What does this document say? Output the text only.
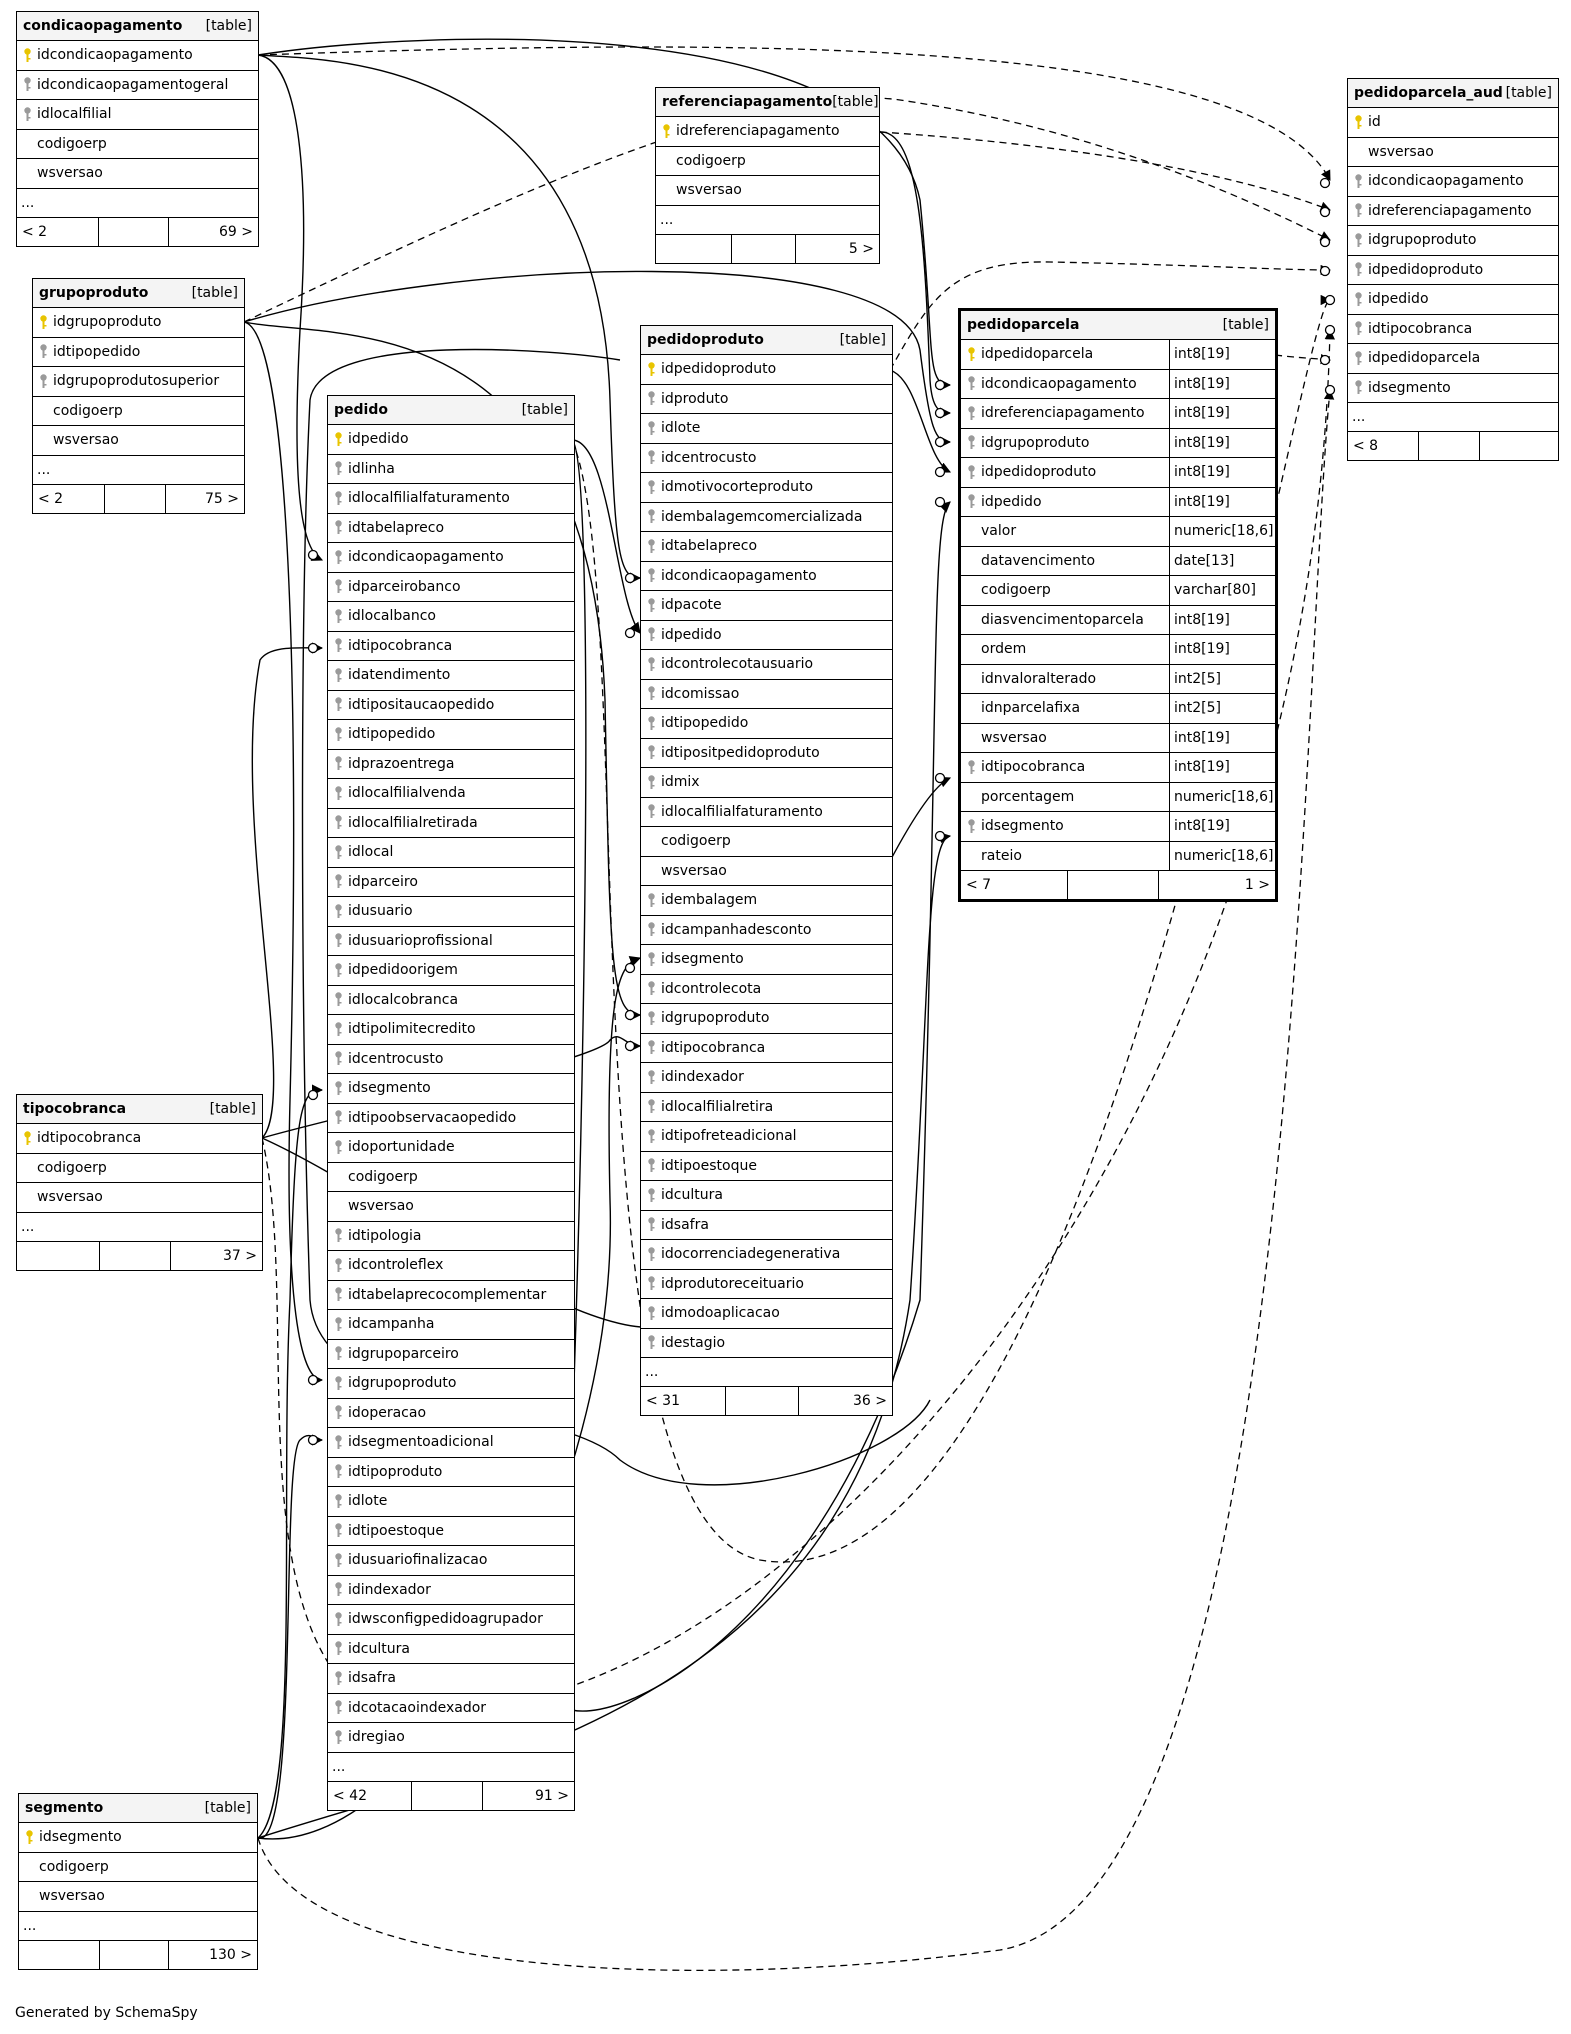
condicaopagamento [table]
idcondicaopagamento
idcondicaopagamentogeral
idlocalfilial
codigoerp
wsversao
...
< 2	69 >
referenciapagamento [table]
idreferenciapagamento
codigoerp
wsversao
...
5 >
pedidoparcela_aud [table]
id
wsversao
idcondicaopagamento
idreferenciapagamento
idgrupoproduto
idpedidoproduto
idpedido
idtipocobranca
idpedidoparcela
idsegmento
...
< 8
grupoproduto	[table]
idgrupoproduto
idtipopedido
idgrupoprodutosuperior
codigoerp
wsversao
...
< 2	75 >
pedidoproduto	[table]
idpedidoproduto
idproduto
idlote
idcentrocusto
idmotivocorteproduto
idembalagemcomercializada
idtabelapreco
idcondicaopagamento
idpacote
idpedido
idcontrolecotausuario
idcomissao
idtipopedido
idtipositpedidoproduto
idmix
idlocalfilialfaturamento
codigoerp
wsversao
idembalagem
idcampanhadesconto
idsegmento
idcontrolecota
idgrupoproduto
idtipocobranca
idindexador
idlocalfilialretira
idtipofreteadicional
idtipoestoque
idcultura
idsafra
idocorrenciadegenerativa
idprodutoreceituario
idmodoaplicacao
idestagio
...
< 31	36 >
pedidoparcela	[table]
idpedidoparcela	int8[19]
idcondicaopagamento	int8[19]
idreferenciapagamento	int8[19]
idgrupoproduto	int8[19]
idpedidoproduto	int8[19]
idpedido	int8[19]
valor	numeric[18,6]
datavencimento	date[13]
codigoerp	varchar[80]
diasvencimentoparcela	int8[19]
ordem	int8[19]
idnvaloralterado	int2[5]
idnparcelafixa	int2[5]
wsversao	int8[19]
idtipocobranca	int8[19]
porcentagem	numeric[18,6]
idsegmento	int8[19]
rateio	numeric[18,6]
< 7	1 >
pedido	[table]
idpedido
idlinha
idlocalfilialfaturamento
idtabelapreco
idcondicaopagamento
idparceirobanco
idlocalbanco
idtipocobranca
idatendimento
idtipositaucaopedido
idtipopedido
idprazoentrega
idlocalfilialvenda
idlocalfilialretirada
idlocal
idparceiro
idusuario
idusuarioprofissional
idpedidoorigem
idlocalcobranca
idtipolimitecredito
idcentrocusto
idsegmento
idtipoobservacaopedido
idoportunidade
codigoerp
wsversao
idtipologia
idcontroleflex
idtabelaprecocomplementar
idcampanha
idgrupoparceiro
idgrupoproduto
idoperacao
idsegmentoadicional
idtipoproduto
idlote
idtipoestoque
idusuariofinalizacao
idindexador
idwsconfigpedidoagrupador
idcultura
idsafra
idcotacaoindexador
idregiao
...
< 42	91 >
tipocobranca	[table]
idtipocobranca
codigoerp
wsversao
...
37 >
segmento	[table]
idsegmento
codigoerp
wsversao
...
130 >
Generated by SchemaSpy
